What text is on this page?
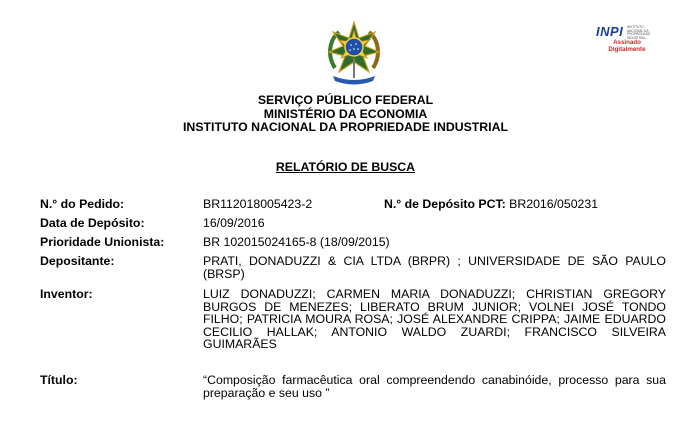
INPI	INSTITUTO NACIONAL DA PROPRIEDADE INDUSTRIAL
Assinado
Digitalmente
SERVIÇO PÚBLICO FEDERAL
MINISTÉRIO DA ECONOMIA
INSTITUTO NACIONAL DA PROPRIEDADE INDUSTRIAL
RELATÓRIO DE BUSCA
N.° do Pedido:	BR112018005423-2	N.° de Depósito PCT: BR2016/050231
Data de Depósito:	16/09/2016
Prioridade Unionista:	BR 102015024165-8 (18/09/2015)
Depositante:	PRATI, DONADUZZI & CIA LTDA (BRPR) ; UNIVERSIDADE DE SÃO PAULO (BRSP)
Inventor:	LUIZ DONADUZZI; CARMEN MARIA DONADUZZI; CHRISTIAN GREGORY BURGOS DE MENEZES; LIBERATO BRUM JUNIOR; VOLNEI JOSÉ TONDO FILHO; PATRICIA MOURA ROSA; JOSÉ ALEXANDRE CRIPPA; JAIME EDUARDO CECILIO HALLAK; ANTONIO WALDO ZUARDI; FRANCISCO SILVEIRA GUIMARÃES
Título:	“Composição farmacêutica oral compreendendo canabinóide, processo para sua preparação e seu uso ”
